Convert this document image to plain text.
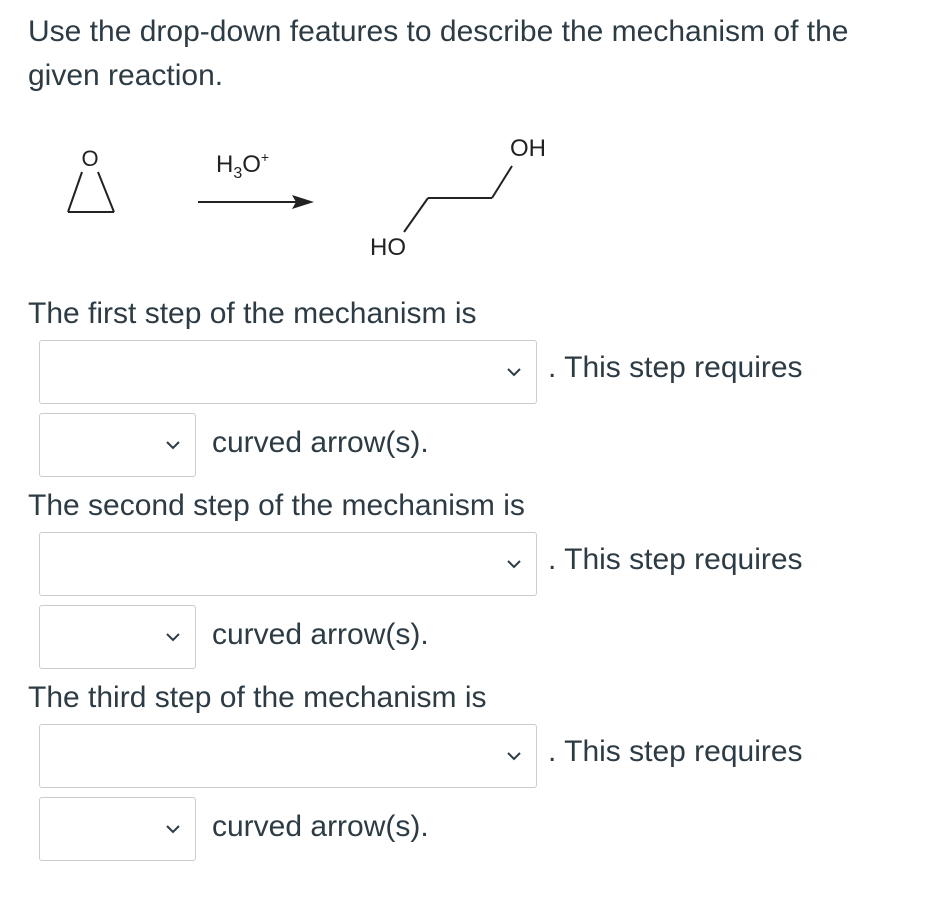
Use the drop-down features to describe the mechanism of the given reaction.

O	$H_3O^+$	OH
HO
The first step of the mechanism is
. This step requires
curved arrow(s).
The second step of the mechanism is
. This step requires
curved arrow(s).
The third step of the mechanism is
. This step requires
curved arrow(s).
